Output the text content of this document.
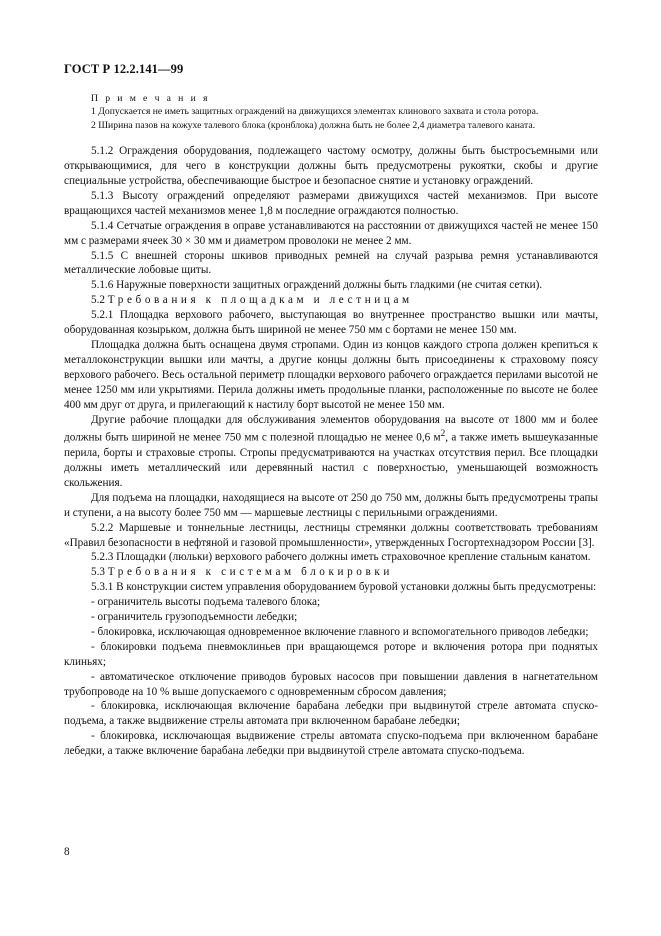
ГОСТ Р 12.2.141—99

П р и м е ч а н и я

1 Допускается не иметь защитных ограждений на движущихся элементах клинового захвата и стола ротора.

2 Ширина пазов на кожухе талевого блока (кронблока) должна быть не более 2,4 диаметра талевого каната.

5.1.2 Ограждения оборудования, подлежащего частому осмотру, должны быть быстросъемными или открывающимися, для чего в конструкции должны быть предусмотрены рукоятки, скобы и другие специальные устройства, обеспечивающие быстрое и безопасное снятие и установку ограждений.

5.1.3 Высоту ограждений определяют размерами движущихся частей механизмов. При высоте вращающихся частей механизмов менее 1,8 м последние ограждаются полностью.

5.1.4 Сетчатые ограждения в оправе устанавливаются на расстоянии от движущихся частей не менее 150 мм с размерами ячеек 30 × 30 мм и диаметром проволоки не менее 2 мм.

5.1.5 С внешней стороны шкивов приводных ремней на случай разрыва ремня устанавливаются металлические лобовые щиты.

5.1.6 Наружные поверхности защитных ограждений должны быть гладкими (не считая сетки).

5.2 Требования к площадкам и лестницам

5.2.1 Площадка верхового рабочего, выступающая во внутреннее пространство вышки или мачты, оборудованная козырьком, должна быть шириной не менее 750 мм с бортами не менее 150 мм.

Площадка должна быть оснащена двумя стропами. Один из концов каждого стропа должен крепиться к металлоконструкции вышки или мачты, а другие концы должны быть присоединены к страховому поясу верхового рабочего. Весь остальной периметр площадки верхового рабочего ограждается перилами высотой не менее 1250 мм или укрытиями. Перила должны иметь продольные планки, расположенные по высоте не более 400 мм друг от друга, и прилегающий к настилу борт высотой не менее 150 мм.

Другие рабочие площадки для обслуживания элементов оборудования на высоте от 1800 мм и более должны быть шириной не менее 750 мм с полезной площадью не менее 0,6 $м^2$, а также иметь вышеуказанные перила, борты и страховые стропы. Стропы предусматриваются на участках отсутствия перил. Все площадки должны иметь металлический или деревянный настил с поверхностью, уменьшающей возможность скольжения.

Для подъема на площадки, находящиеся на высоте от 250 до 750 мм, должны быть предусмотрены трапы и ступени, а на высоту более 750 мм — маршевые лестницы с перильными ограждениями.

5.2.2 Маршевые и тоннельные лестницы, лестницы стремянки должны соответствовать требованиям «Правил безопасности в нефтяной и газовой промышленности», утвержденных Госгортехнадзором России [3].

5.2.3 Площадки (люльки) верхового рабочего должны иметь страховочное крепление стальным канатом.

5.3 Требования к системам блокировки

5.3.1 В конструкции систем управления оборудованием буровой установки должны быть предусмотрены:

- ограничитель высоты подъема талевого блока;

- ограничитель грузоподъемности лебедки;

- блокировка, исключающая одновременное включение главного и вспомогательного приводов лебедки;

- блокировки подъема пневмоклиньев при вращающемся роторе и включения ротора при поднятых клиньях;

- автоматическое отключение приводов буровых насосов при повышении давления в нагнетательном трубопроводе на 10 % выше допускаемого с одновременным сбросом давления;

- блокировка, исключающая включение барабана лебедки при выдвинутой стреле автомата спуско-подъема, а также выдвижение стрелы автомата при включенном барабане лебедки;

- блокировка, исключающая выдвижение стрелы автомата спуско-подъема при включенном барабане лебедки, а также включение барабана лебедки при выдвинутой стреле автомата спуско-подъема.

8
